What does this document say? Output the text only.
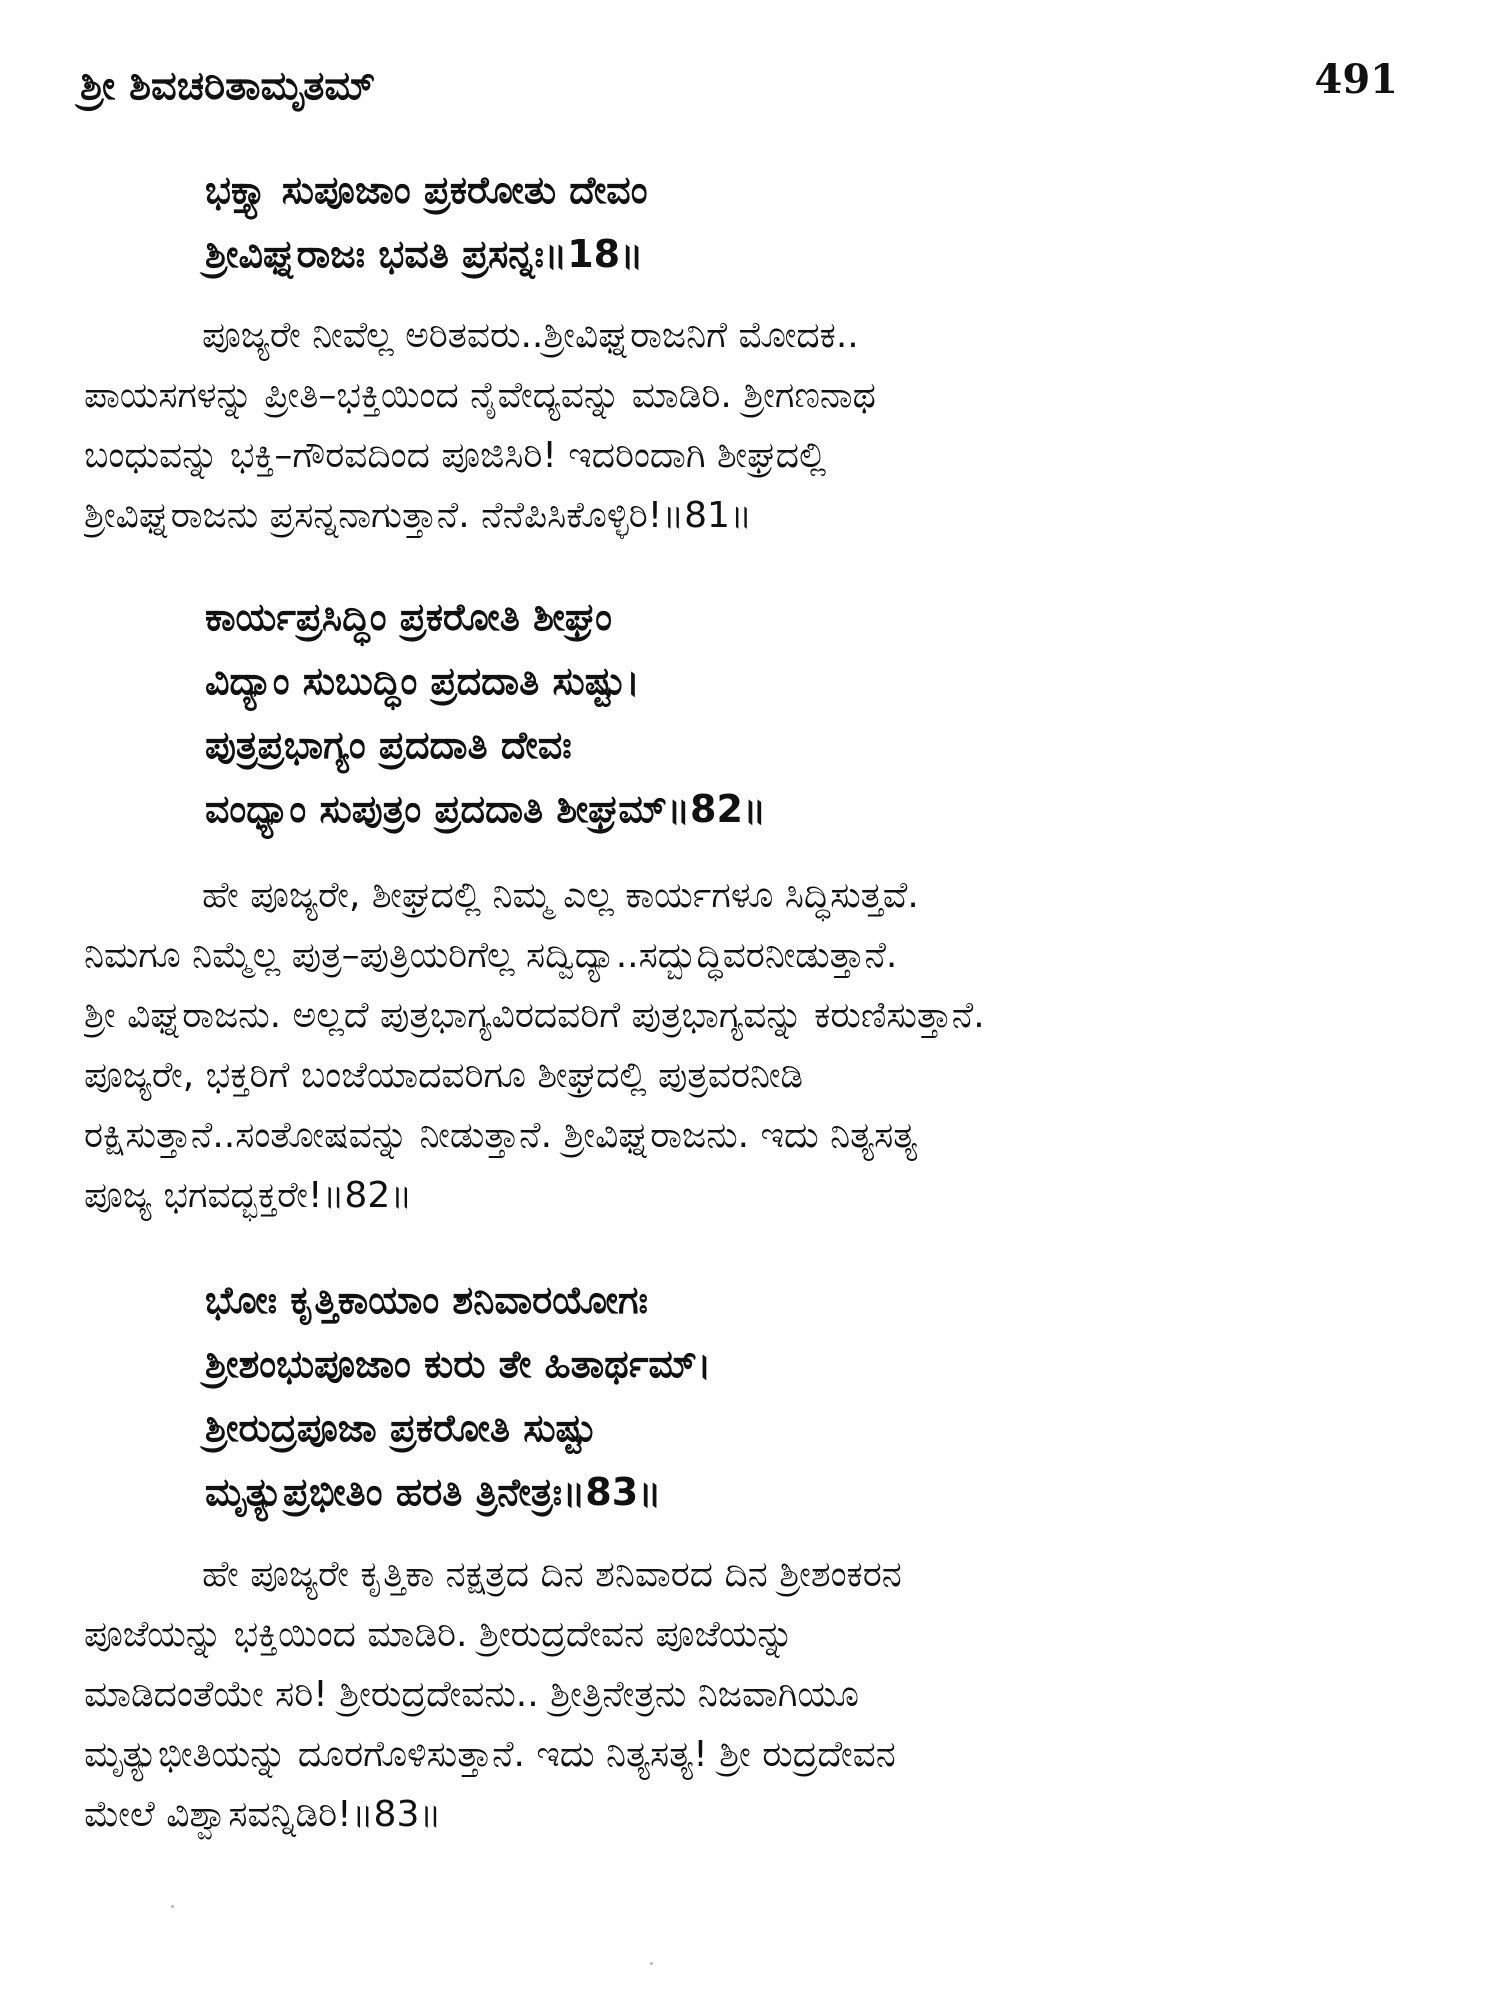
ಶ್ರೀ ಶಿವಚರಿತಾಮೃತಮ್	491
ಭಕ್ತ್ಯಾ ಸುಪೂಜಾಂ ಪ್ರಕರೋತು ದೇವಂ
ಶ್ರೀವಿಘ್ನರಾಜಃ ಭವತಿ ಪ್ರಸನ್ನಃ॥18॥
ಪೂಜ್ಯರೇ ನೀವೆಲ್ಲ ಅರಿತವರು..ಶ್ರೀವಿಘ್ನರಾಜನಿಗೆ ಮೋದಕ..
ಪಾಯಸಗಳನ್ನು ಪ್ರೀತಿ–ಭಕ್ತಿಯಿಂದ ನೈವೇದ್ಯವನ್ನು ಮಾಡಿರಿ. ಶ್ರೀಗಣನಾಥ
ಬಂಧುವನ್ನು ಭಕ್ತಿ–ಗೌರವದಿಂದ ಪೂಜಿಸಿರಿ! ಇದರಿಂದಾಗಿ ಶೀಘ್ರದಲ್ಲಿ
ಶ್ರೀವಿಘ್ನರಾಜನು ಪ್ರಸನ್ನನಾಗುತ್ತಾನೆ. ನೆನೆಪಿಸಿಕೊಳ್ಳಿರಿ!॥81॥
ಕಾರ್ಯಪ್ರಸಿದ್ಧಿಂ ಪ್ರಕರೋತಿ ಶೀಘ್ರಂ
ವಿದ್ಯಾಂ ಸುಬುದ್ಧಿಂ ಪ್ರದದಾತಿ ಸುಷ್ಟು।
ಪುತ್ರಪ್ರಭಾಗ್ಯಂ ಪ್ರದದಾತಿ ದೇವಃ
ವಂಧ್ಯಾಂ ಸುಪುತ್ರಂ ಪ್ರದದಾತಿ ಶೀಘ್ರಮ್॥82॥
ಹೇ ಪೂಜ್ಯರೇ, ಶೀಘ್ರದಲ್ಲಿ ನಿಮ್ಮ ಎಲ್ಲ ಕಾರ್ಯಗಳೂ ಸಿದ್ಧಿಸುತ್ತವೆ.
ನಿಮಗೂ ನಿಮ್ಮೆಲ್ಲ ಪುತ್ರ–ಪುತ್ರಿಯರಿಗೆಲ್ಲ ಸದ್ವಿದ್ಯಾ..ಸದ್ಬುದ್ಧಿವರನೀಡುತ್ತಾನೆ.
ಶ್ರೀ ವಿಘ್ನರಾಜನು. ಅಲ್ಲದೆ ಪುತ್ರಭಾಗ್ಯವಿರದವರಿಗೆ ಪುತ್ರಭಾಗ್ಯವನ್ನು ಕರುಣಿಸುತ್ತಾನೆ.
ಪೂಜ್ಯರೇ, ಭಕ್ತರಿಗೆ ಬಂಜೆಯಾದವರಿಗೂ ಶೀಘ್ರದಲ್ಲಿ ಪುತ್ರವರನೀಡಿ
ರಕ್ಷಿಸುತ್ತಾನೆ..ಸಂತೋಷವನ್ನು ನೀಡುತ್ತಾನೆ. ಶ್ರೀವಿಘ್ನರಾಜನು. ಇದು ನಿತ್ಯಸತ್ಯ
ಪೂಜ್ಯ ಭಗವದ್ಭಕ್ತರೇ!॥82॥
ಭೋಃ ಕೃತ್ತಿಕಾಯಾಂ ಶನಿವಾರಯೋಗಃ
ಶ್ರೀಶಂಭುಪೂಜಾಂ ಕುರು ತೇ ಹಿತಾರ್ಥಮ್।
ಶ್ರೀರುದ್ರಪೂಜಾ ಪ್ರಕರೋತಿ ಸುಷ್ಟು
ಮೃತ್ಯುಪ್ರಭೀತಿಂ ಹರತಿ ತ್ರಿನೇತ್ರಃ॥83॥
ಹೇ ಪೂಜ್ಯರೇ ಕೃತ್ತಿಕಾ ನಕ್ಷತ್ರದ ದಿನ ಶನಿವಾರದ ದಿನ ಶ್ರೀಶಂಕರನ
ಪೂಜೆಯನ್ನು ಭಕ್ತಿಯಿಂದ ಮಾಡಿರಿ. ಶ್ರೀರುದ್ರದೇವನ ಪೂಜೆಯನ್ನು
ಮಾಡಿದಂತೆಯೇ ಸರಿ! ಶ್ರೀರುದ್ರದೇವನು.. ಶ್ರೀತ್ರಿನೇತ್ರನು ನಿಜವಾಗಿಯೂ
ಮೃತ್ಯುಭೀತಿಯನ್ನು ದೂರಗೊಳಿಸುತ್ತಾನೆ. ಇದು ನಿತ್ಯಸತ್ಯ! ಶ್ರೀ ರುದ್ರದೇವನ
ಮೇಲೆ ವಿಶ್ವಾಸವನ್ನಿಡಿರಿ!॥83॥
